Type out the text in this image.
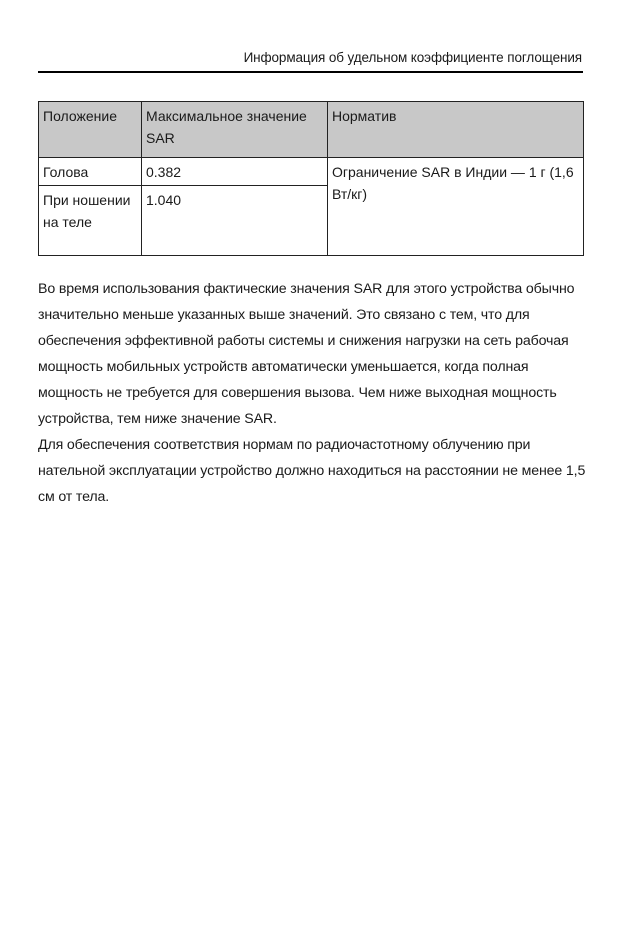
Информация об удельном коэффициенте поглощения
Положение	Максимальное значение SAR	Норматив
Голова	0.382	Ограничение SAR в Индии — 1 г (1,6 Вт/кг)
При ношении на теле	1.040	

Во время использования фактические значения SAR для этого устройства обычно значительно меньше указанных выше значений. Это связано с тем, что для обеспечения эффективной работы системы и снижения нагрузки на сеть рабочая мощность мобильных устройств автоматически уменьшается, когда полная мощность не требуется для совершения вызова. Чем ниже выходная мощность устройства, тем ниже значение SAR.

Для обеспечения соответствия нормам по радиочастотному облучению при нательной эксплуатации устройство должно находиться на расстоянии не менее 1,5 см от тела.
